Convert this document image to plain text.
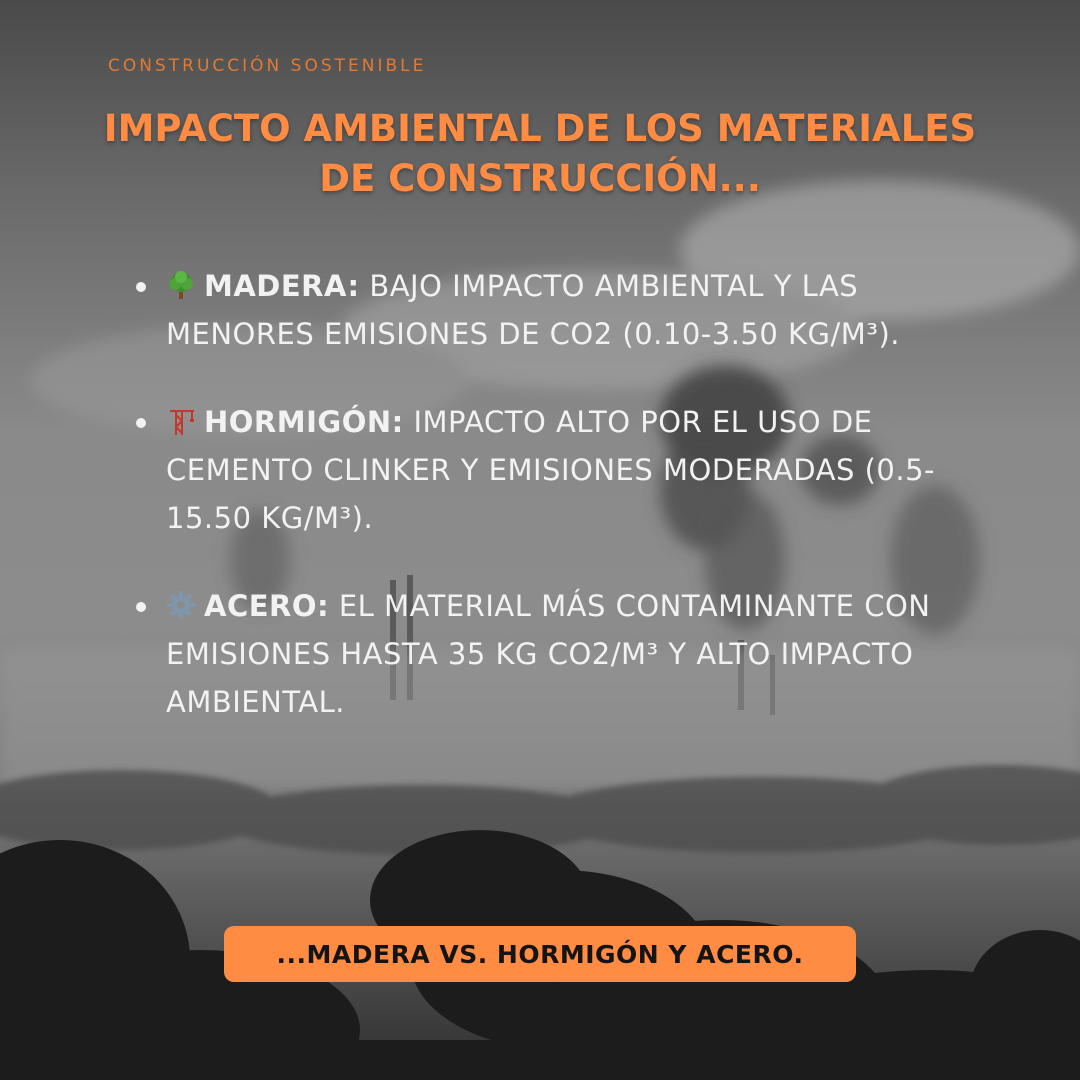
CONSTRUCCIÓN SOSTENIBLE
IMPACTO AMBIENTAL DE LOS MATERIALES DE CONSTRUCCIÓN...
MADERA: BAJO IMPACTO AMBIENTAL Y LAS MENORES EMISIONES DE CO2 (0.10-3.50 KG/M³).
HORMIGÓN: IMPACTO ALTO POR EL USO DE CEMENTO CLINKER Y EMISIONES MODERADAS (0.5-15.50 KG/M³).
ACERO: EL MATERIAL MÁS CONTAMINANTE CON EMISIONES HASTA 35 KG CO2/M³ Y ALTO IMPACTO AMBIENTAL.
...MADERA VS. HORMIGÓN Y ACERO.
